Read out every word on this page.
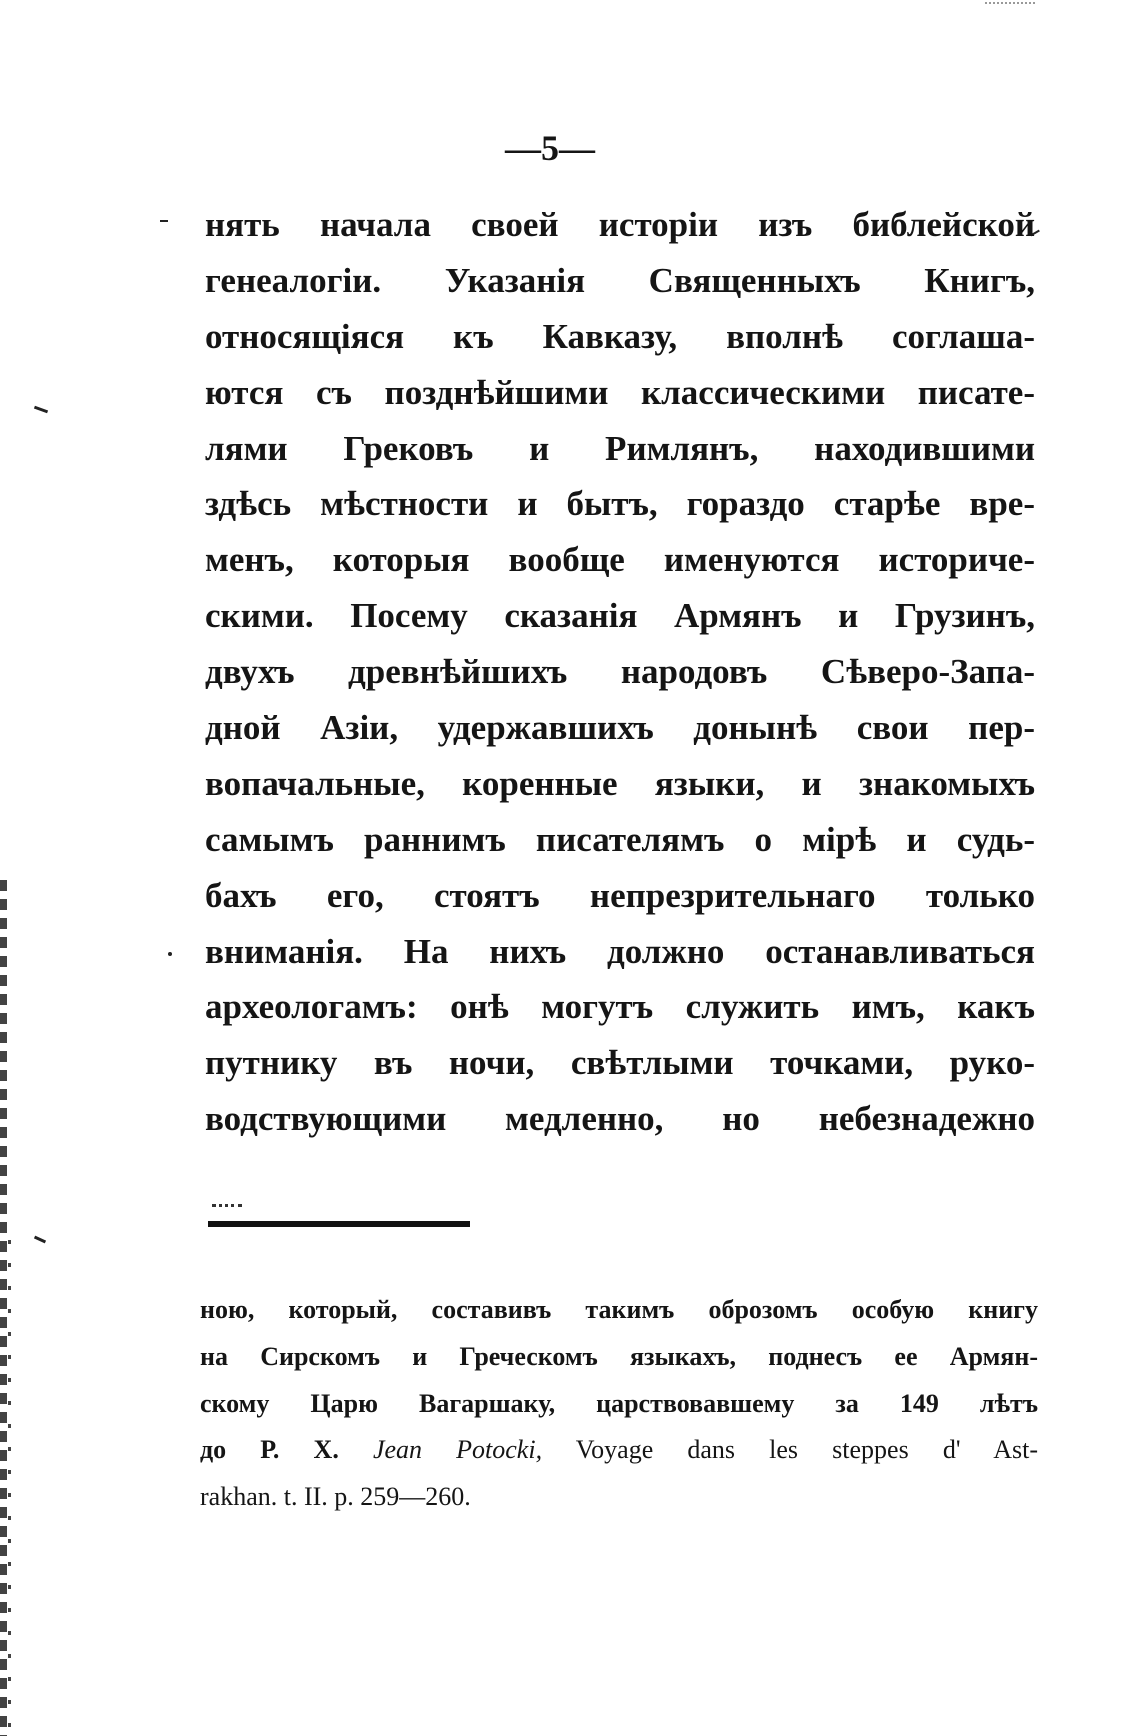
—5—
нять начала своей исторіи изъ библейской
генеалогіи. Указанія Священныхъ Книгъ,
относящіяся къ Кавказу, вполнѣ соглаша-
ются съ позднѣйшими классическими писате-
лями Грековъ и Римлянъ, находившими
здѣсь мѣстности и бытъ, гораздо старѣе вре-
менъ, которыя вообще именуются историче-
скими. Посему сказанія Армянъ и Грузинъ,
двухъ древнѣйшихъ народовъ Сѣверо-Запа-
дной Азіи, удержавшихъ донынѣ свои пер-
вопачальные, коренные языки, и знакомыхъ
самымъ раннимъ писателямъ о мірѣ и судь-
бахъ его, стоятъ непрезрительнаго только
вниманія. На нихъ должно останавливаться
археологамъ: онѣ могутъ служить имъ, какъ
путнику въ ночи, свѣтлыми точками, руко-
водствующими медленно, но небезнадежно
ною, который, составивъ такимъ оброзомъ особую книгу
на Сирскомъ и Греческомъ языкахъ, поднесъ ее Армян-
скому Царю Вагаршаку, царствовавшему за 149 лѣтъ
до Р. Х. Jean Potocki, Voyage dans les steppes d' Ast-
rakhan. t. II. p. 259—260.
